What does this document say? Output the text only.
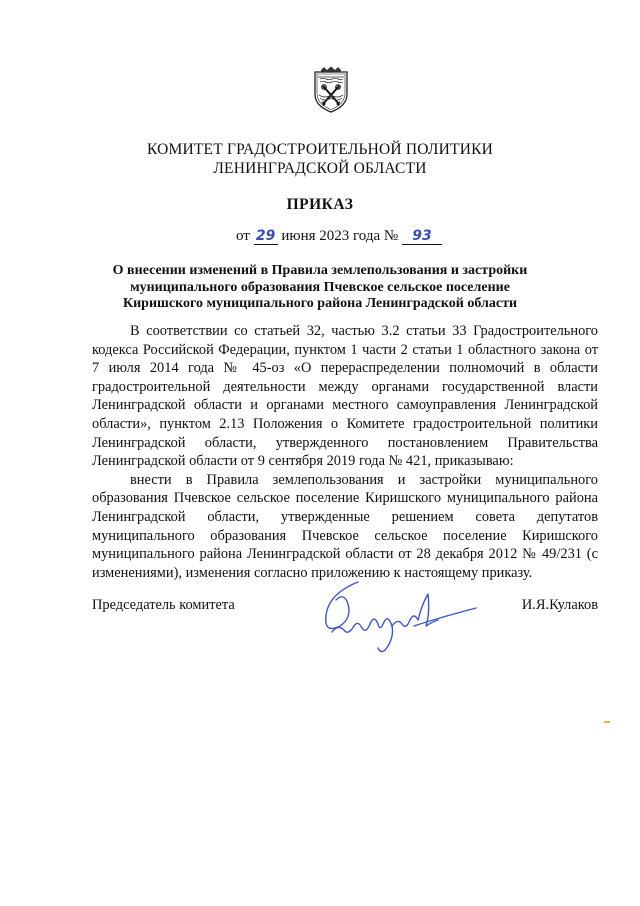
КОМИТЕТ ГРАДОСТРОИТЕЛЬНОЙ ПОЛИТИКИ
ЛЕНИНГРАДСКОЙ ОБЛАСТИ
ПРИКАЗ
от 29 июня 2023 года № 93
О внесении изменений в Правила землепользования и застройки
муниципального образования Пчевское сельское поселение
Киришского муниципального района Ленинградской области

В соответствии со статьей 32, частью 3.2 статьи 33 Градостроительного кодекса Российской Федерации, пунктом 1 части 2 статьи 1 областного закона от 7 июля 2014 года № 45-оз «О перераспределении полномочий в области градостроительной деятельности между органами государственной власти Ленинградской области и органами местного самоуправления Ленинградской области», пунктом 2.13 Положения о Комитете градостроительной политики Ленинградской области, утвержденного постановлением Правительства Ленинградской области от 9 сентября 2019 года № 421, приказываю:

внести в Правила землепользования и застройки муниципального образования Пчевское сельское поселение Киришского муниципального района Ленинградской области, утвержденные решением совета депутатов муниципального образования Пчевское сельское поселение Киришского муниципального района Ленинградской области от 28 декабря 2012 № 49/231 (с изменениями), изменения согласно приложению к настоящему приказу.

Председатель комитета	И.Я.Кулаков
